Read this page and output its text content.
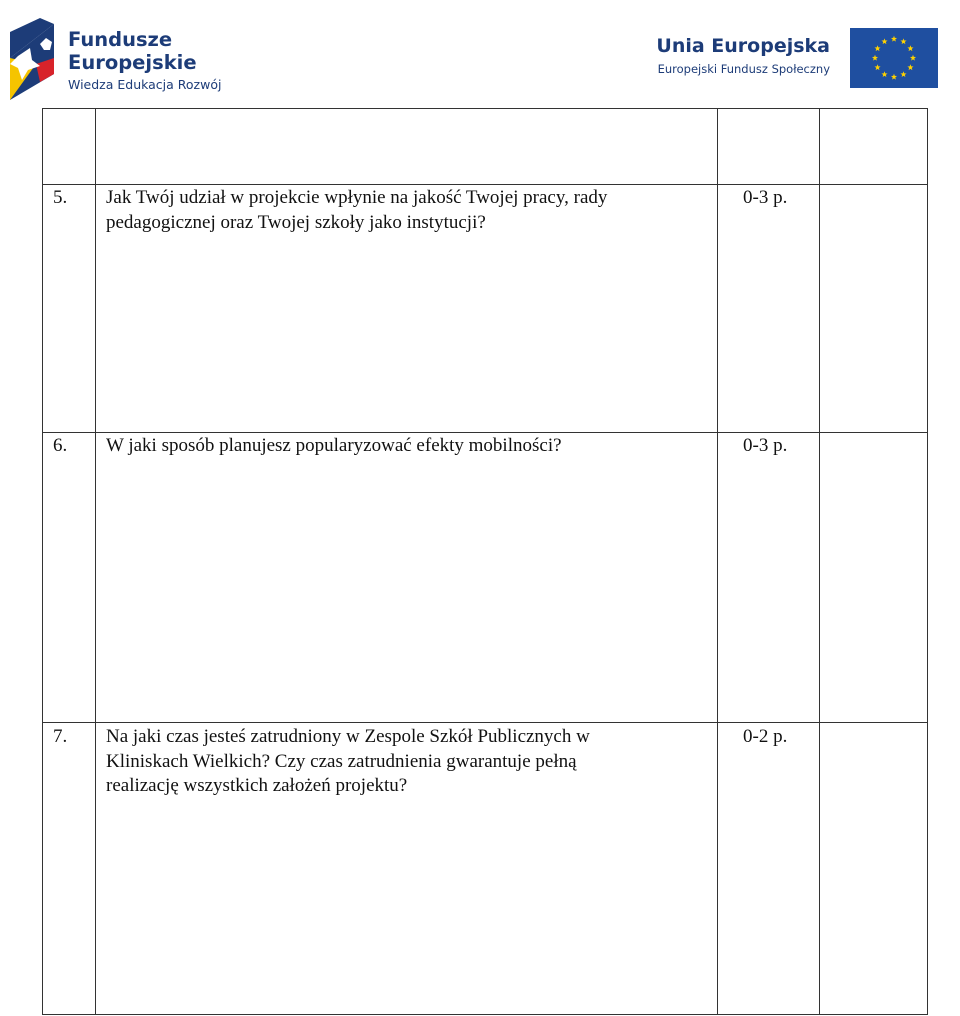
Fundusze
Europejskie
Wiedza Edukacja Rozwój
Unia Europejska
Europejski Fundusz Społeczny
5. Jak Twój udział w projekcie wpłynie na jakość Twojej pracy, rady
pedagogicznej oraz Twojej szkoły jako instytucji?
0-3 p.
6. W jaki sposób planujesz popularyzować efekty mobilności?	0-3 p.
7. Na jaki czas jesteś zatrudniony w Zespole Szkół Publicznych w
Kliniskach Wielkich? Czy czas zatrudnienia gwarantuje pełną
realizację wszystkich założeń projektu?
0-2 p.
